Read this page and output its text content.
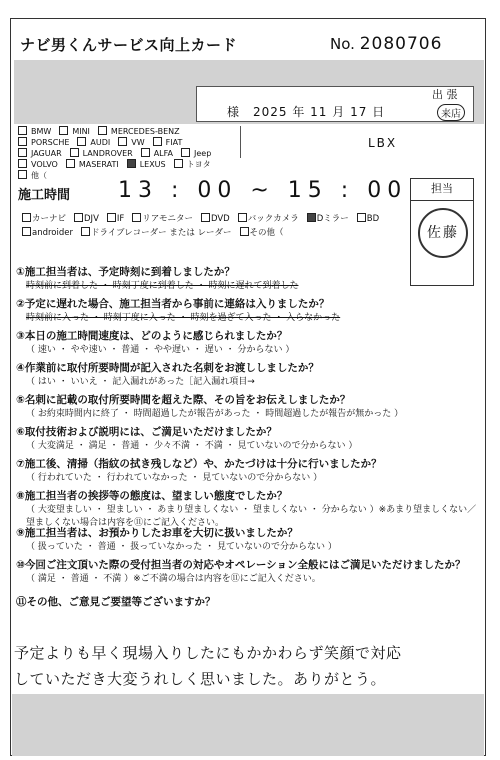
ナビ男くんサービス向上カード	No. 2080706
様 2025 年 11 月 17 日
出 張
来店
BMW	MINI	MERCEDES-BENZPORSCHE	AUDI	VW	FIATJAGUAR	LANDROVER	ALFA	JeepVOLVO	MASERATI	LEXUS	トヨタ他（
LBX
施工時間 13 : 00 ~ 15 : 00	担当
佐藤
カーナビ DJV IF リアモニター DVD バックカメラ Dミラー BDandroider ドライブレコーダー または レーダー その他（
①施工担当者は、予定時刻に到着しましたか？
時刻前に到着した ・ 時刻丁度に到着した ・ 時刻に遅れて到着した
②予定に遅れた場合、施工担当者から事前に連絡は入りましたか？
時刻前に入った ・ 時刻丁度に入った ・ 時刻を過ぎて入った ・ 入らなかった
③本日の施工時間速度は、どのように感じられましたか？
（ 速い ・ やや速い ・ 普通 ・ やや遅い ・ 遅い ・ 分からない ）
④作業前に取付所要時間が記入された名刺をお渡ししましたか？
（ はい ・ いいえ ・ 記入漏れがあった［記入漏れ項目→
⑤名刺に記載の取付所要時間を超えた際、その旨をお伝えしましたか？
（ お約束時間内に終了 ・ 時間超過したが報告があった ・ 時間超過したが報告が無かった ）
⑥取付技術および説明には、ご満足いただけましたか？
（ 大変満足 ・ 満足 ・ 普通 ・ 少々不満 ・ 不満 ・ 見ていないので分からない ）
⑦施工後、清掃（指紋の拭き残しなど）や、かたづけは十分に行いましたか？
（ 行われていた ・ 行われていなかった ・ 見ていないので分からない ）
⑧施工担当者の挨拶等の態度は、望ましい態度でしたか？
（ 大変望ましい ・ 望ましい ・ あまり望ましくない ・ 望ましくない ・ 分からない ）※あまり望ましくない／望ましくない場合は内容を⑪にご記入ください。
⑨施工担当者は、お預かりしたお車を大切に扱いましたか？
（ 扱っていた ・ 普通 ・ 扱っていなかった ・ 見ていないので分からない ）
⑩今回ご注文頂いた際の受付担当者の対応やオペレーション全般にはご満足いただけましたか？
（ 満足 ・ 普通 ・ 不満 ）※ご不満の場合は内容を⑪にご記入ください。
⑪その他、ご意見ご要望等ございますか？
予定よりも早く現場入りしたにもかかわらず笑顔で対応
していただき大変うれしく思いました。ありがとう。
